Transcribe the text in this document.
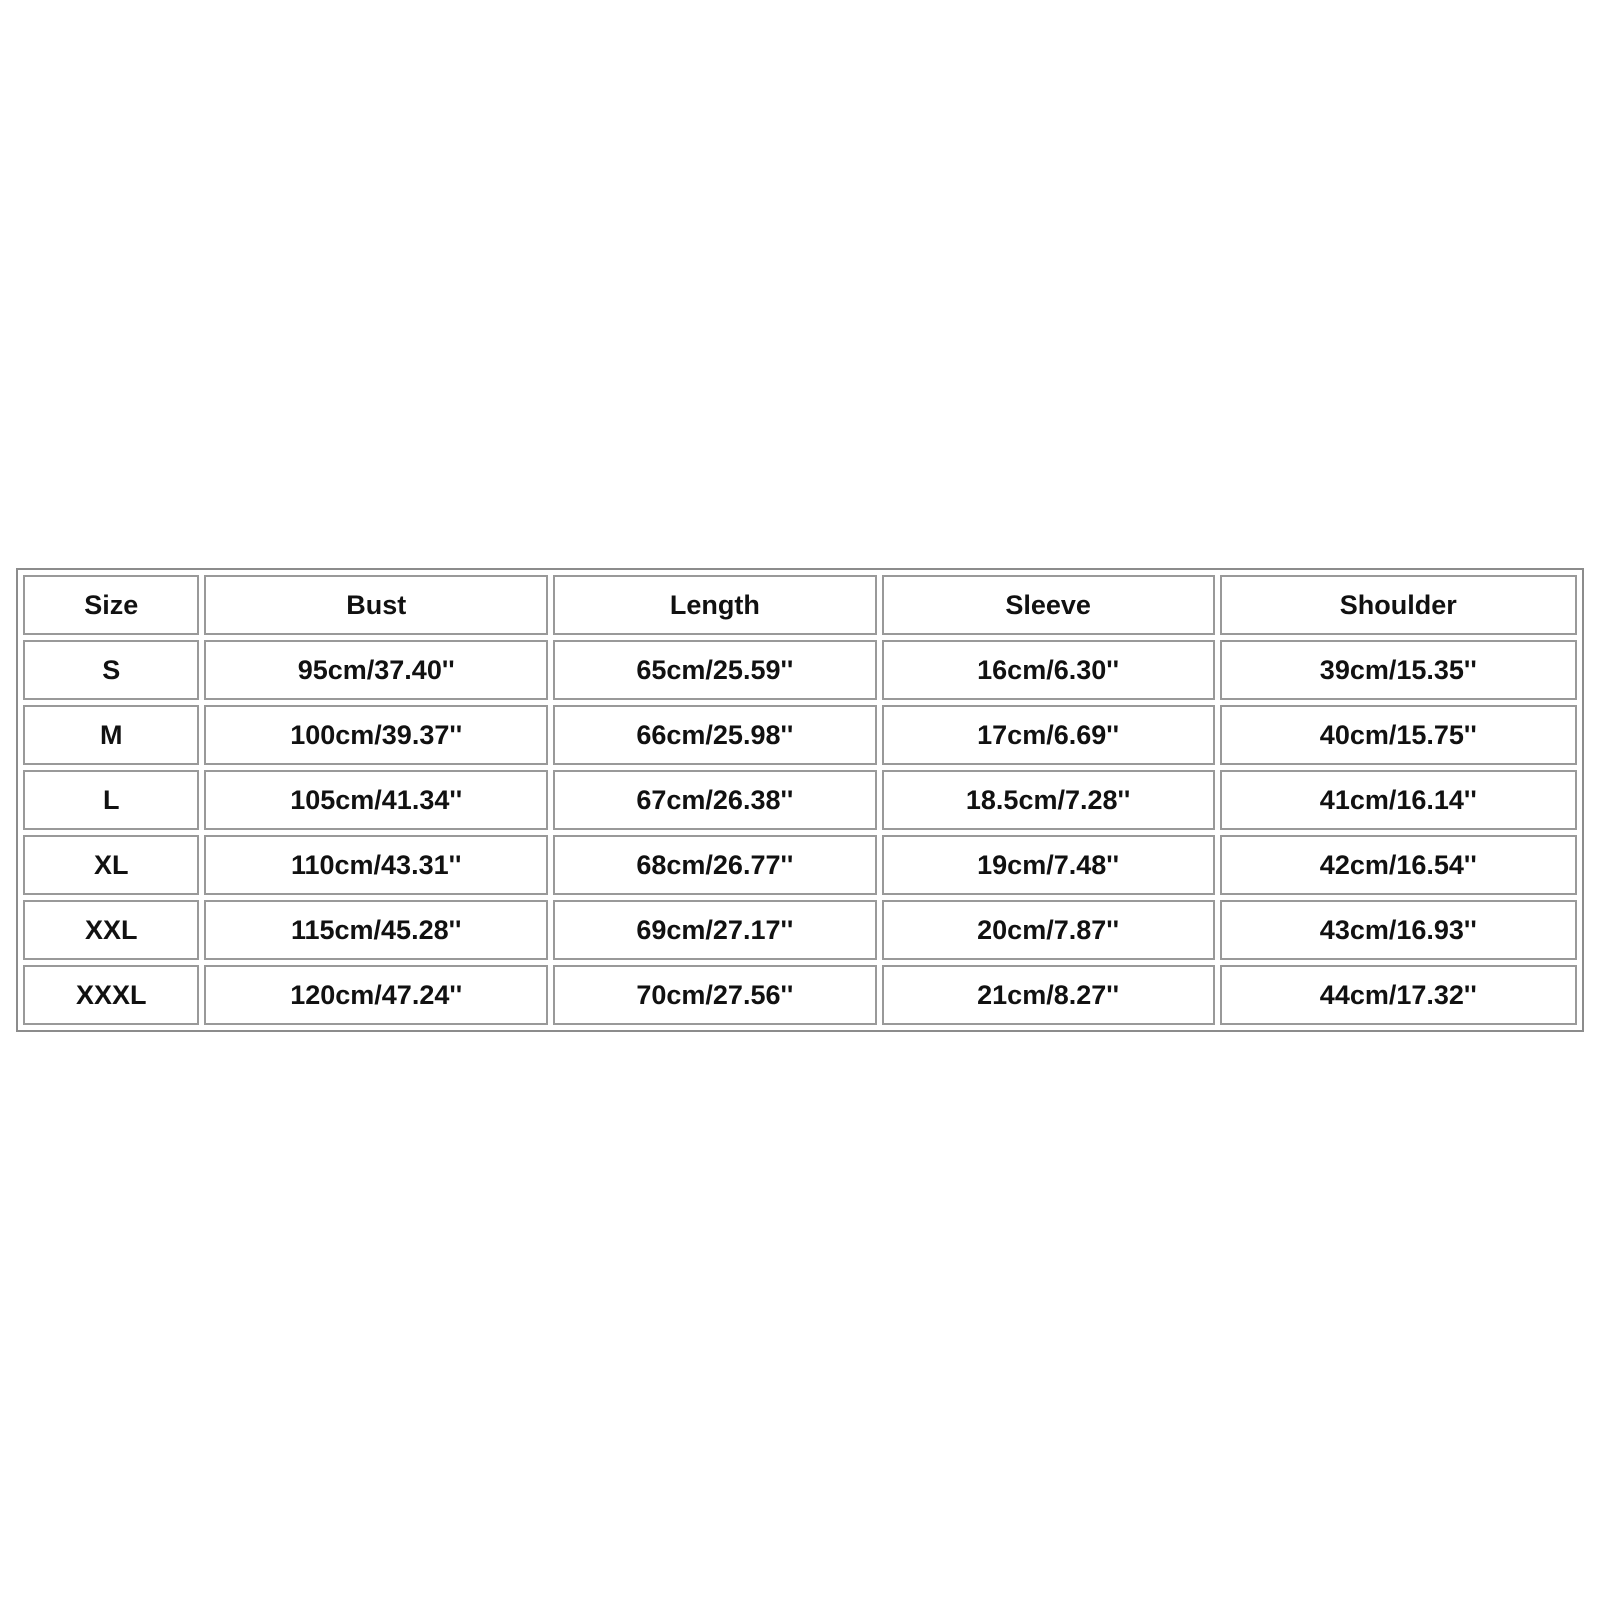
Size	Bust	Length	Sleeve	Shoulder
S	95cm/37.40''	65cm/25.59''	16cm/6.30''	39cm/15.35''
M	100cm/39.37''	66cm/25.98''	17cm/6.69''	40cm/15.75''
L	105cm/41.34''	67cm/26.38''	18.5cm/7.28''	41cm/16.14''
XL	110cm/43.31''	68cm/26.77''	19cm/7.48''	42cm/16.54''
XXL	115cm/45.28''	69cm/27.17''	20cm/7.87''	43cm/16.93''
XXXL	120cm/47.24''	70cm/27.56''	21cm/8.27''	44cm/17.32''
